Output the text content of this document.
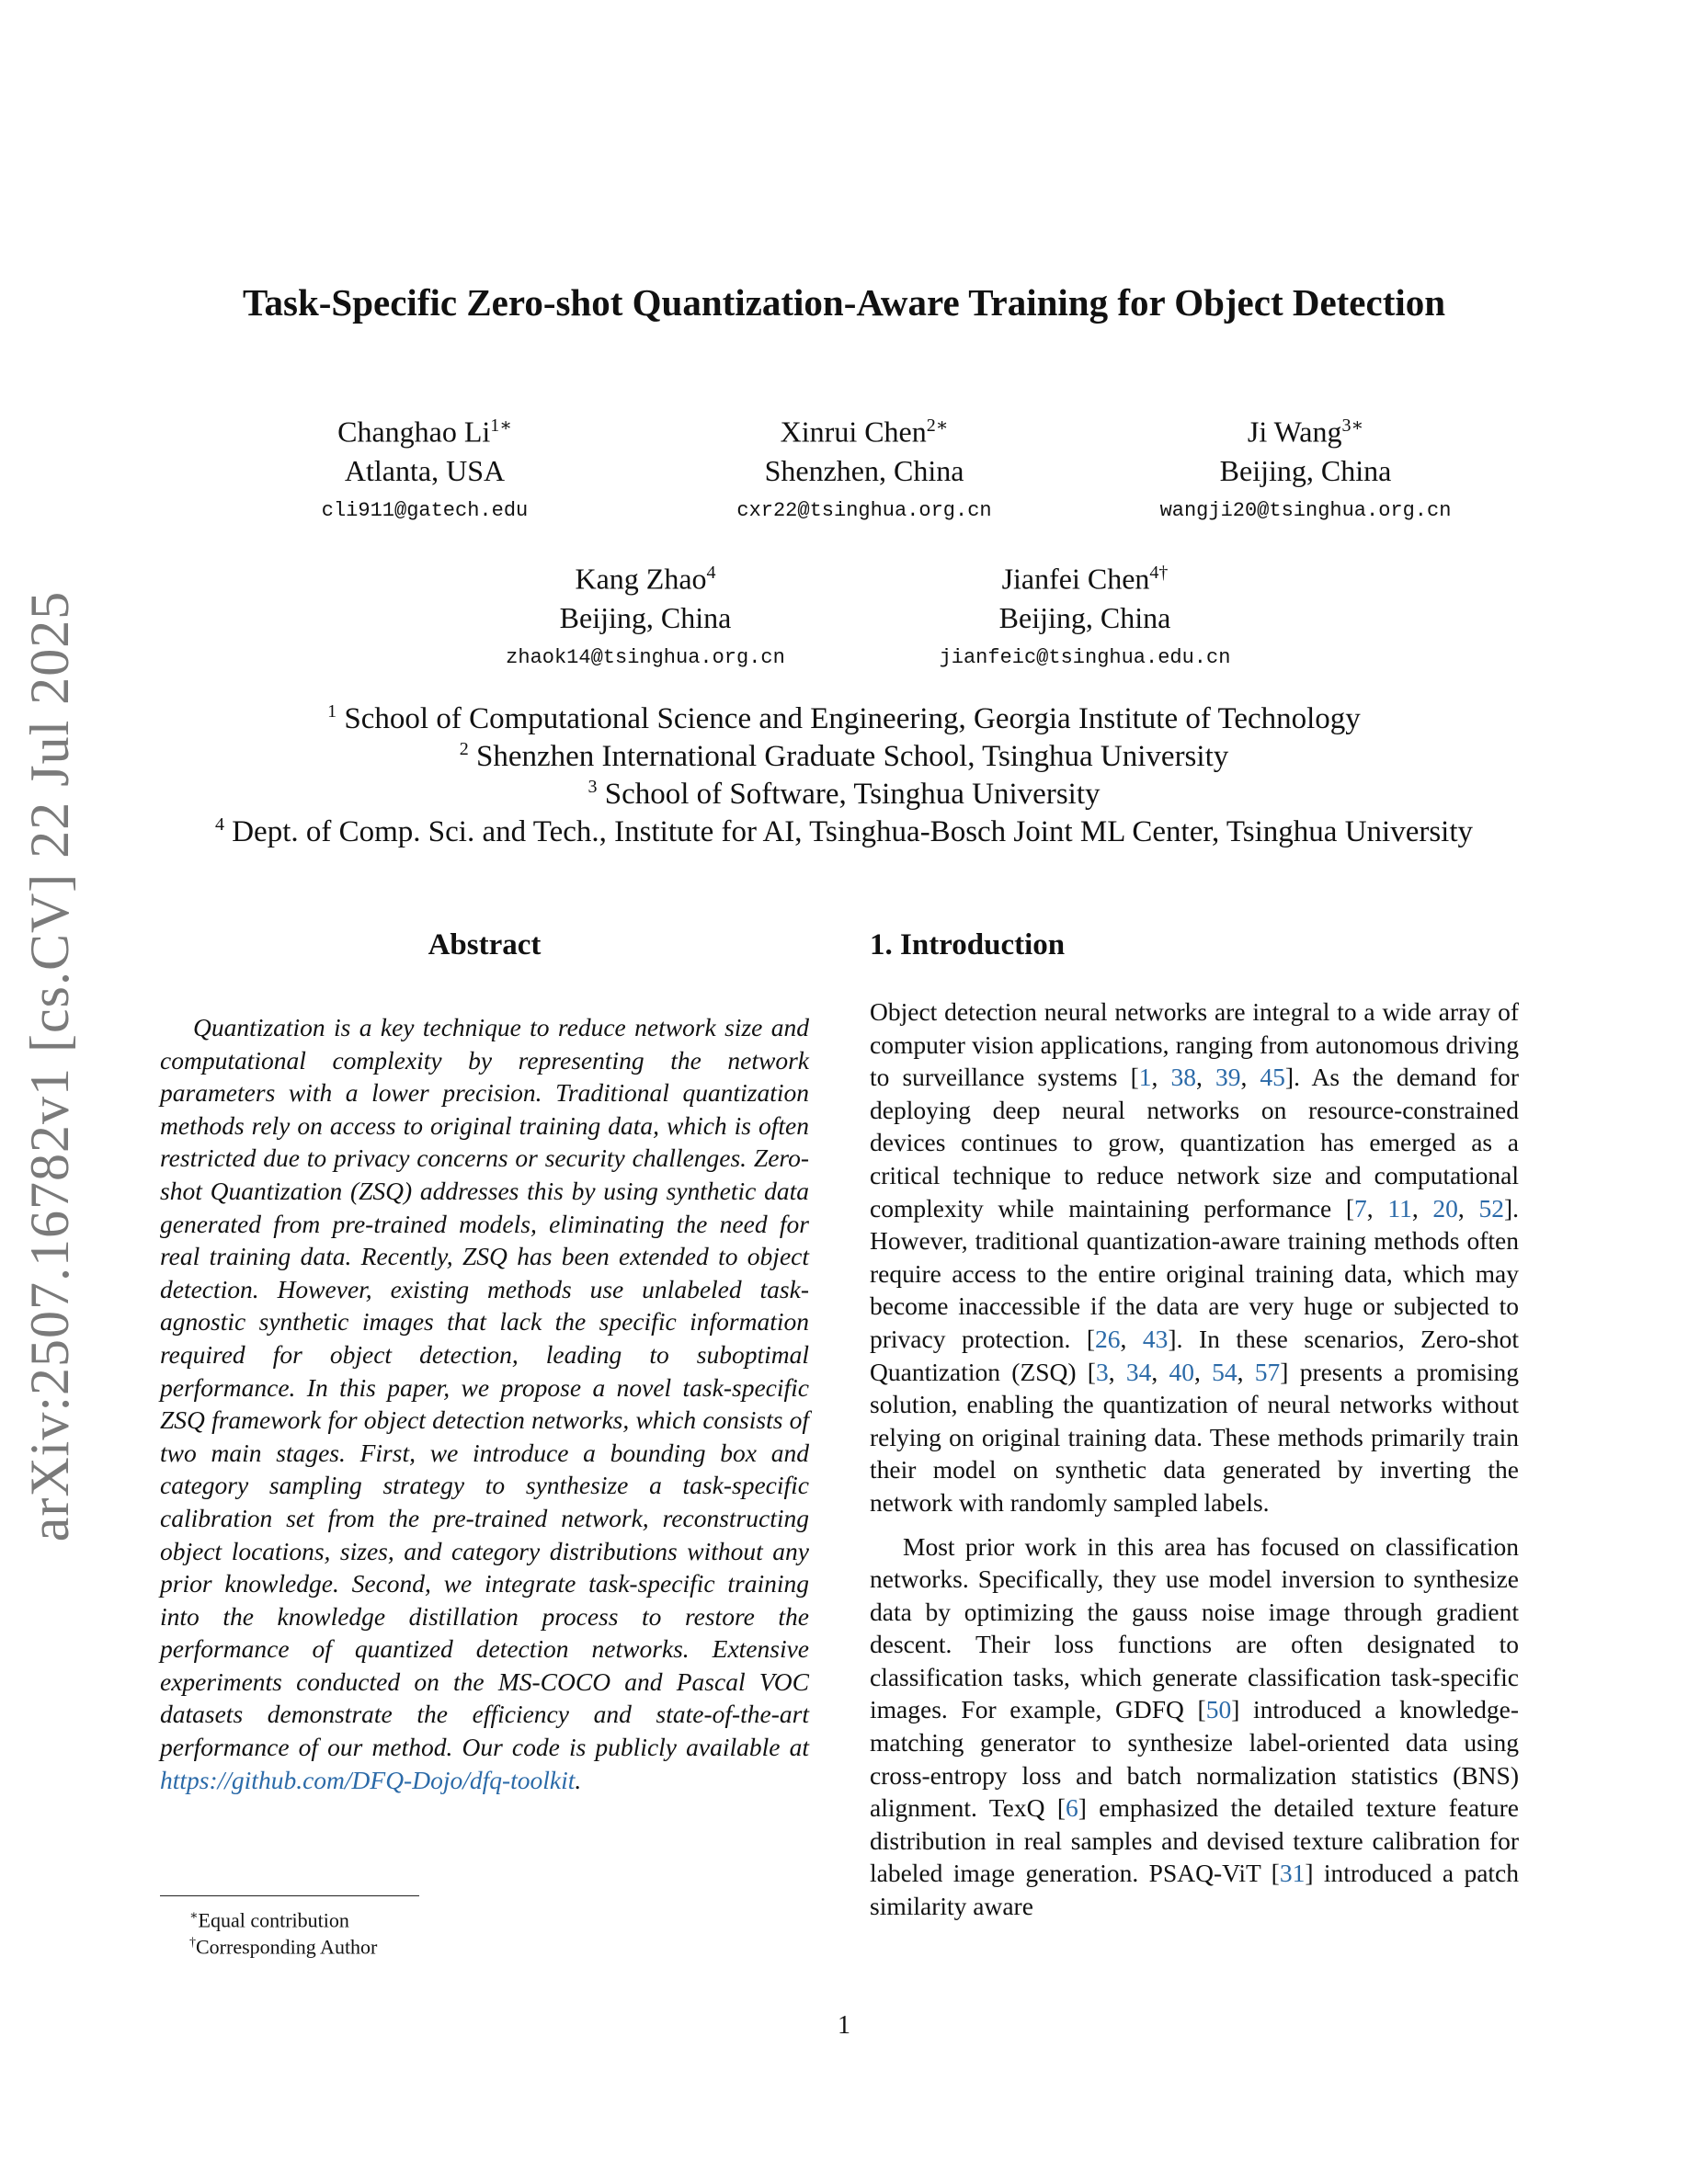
arXiv:2507.16782v1 [cs.CV] 22 Jul 2025
Task-Specific Zero-shot Quantization-Aware Training for Object Detection
Changhao $Li^{1∗}$
Atlanta, USA
cli911@gatech.edu
Xinrui Chen$^{2∗}$
Shenzhen, China
cxr22@tsinghua.org.cn
Ji Wang$^{3∗}$
Beijing, China
wangji20@tsinghua.org.cn
Kang Zhao$^4$
Beijing, China
zhaok14@tsinghua.org.cn
Jianfei Chen$^{4\dagger}$
Beijing, China
jianfeic@tsinghua.edu.cn
$^1$ School of Computational Science and Engineering, Georgia Institute of Technology
$^2$ Shenzhen International Graduate School, Tsinghua University
$^3$ School of Software, Tsinghua University
$^4$ Dept. of Comp. Sci. and Tech., Institute for AI, Tsinghua-Bosch Joint ML Center, Tsinghua University
Abstract

Quantization is a key technique to reduce network size and computational complexity by representing the network parameters with a lower precision. Traditional quantization methods rely on access to original training data, which is often restricted due to privacy concerns or security challenges. Zero-shot Quantization (ZSQ) addresses this by using synthetic data generated from pre-trained models, eliminating the need for real training data. Recently, ZSQ has been extended to object detection. However, existing methods use unlabeled task-agnostic synthetic images that lack the specific information required for object detection, leading to suboptimal performance. In this paper, we propose a novel task-specific ZSQ framework for object detection networks, which consists of two main stages. First, we introduce a bounding box and category sampling strategy to synthesize a task-specific calibration set from the pre-trained network, reconstructing object locations, sizes, and category distributions without any prior knowledge. Second, we integrate task-specific training into the knowledge distillation process to restore the performance of quantized detection networks. Extensive experiments conducted on the MS-COCO and Pascal VOC datasets demonstrate the efficiency and state-of-the-art performance of our method. Our code is publicly available at https://github.com/DFQ-Dojo/dfq-toolkit.

∗Equal contribution
†Corresponding Author
1. Introduction

Object detection neural networks are integral to a wide array of computer vision applications, ranging from autonomous driving to surveillance systems [1, 38, 39, 45]. As the demand for deploying deep neural networks on resource-constrained devices continues to grow, quantization has emerged as a critical technique to reduce network size and computational complexity while maintaining performance [7, 11, 20, 52]. However, traditional quantization-aware training methods often require access to the entire original training data, which may become inaccessible if the data are very huge or subjected to privacy protection. [26, 43]. In these scenarios, Zero-shot Quantization (ZSQ) [3, 34, 40, 54, 57] presents a promising solution, enabling the quantization of neural networks without relying on original training data. These methods primarily train their model on synthetic data generated by inverting the network with randomly sampled labels.

Most prior work in this area has focused on classification networks. Specifically, they use model inversion to synthesize data by optimizing the gauss noise image through gradient descent. Their loss functions are often designated to classification tasks, which generate classification task-specific images. For example, GDFQ [50] introduced a knowledge-matching generator to synthesize label-oriented data using cross-entropy loss and batch normalization statistics (BNS) alignment. TexQ [6] emphasized the detailed texture feature distribution in real samples and devised texture calibration for labeled image generation. PSAQ-ViT [31] introduced a patch similarity aware

1
